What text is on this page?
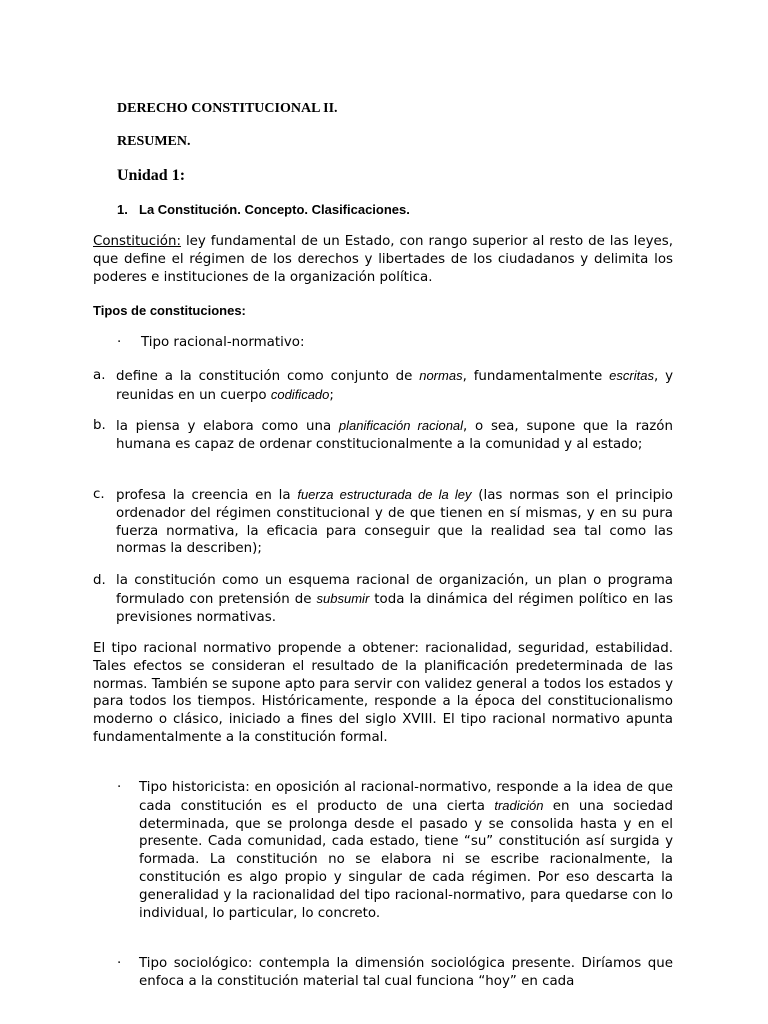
DERECHO CONSTITUCIONAL II.
RESUMEN.
Unidad 1:
1. La Constitución. Concepto. Clasificaciones.
Constitución: ley fundamental de un Estado, con rango superior al resto de las leyes, que define el régimen de los derechos y libertades de los ciudadanos y delimita los poderes e instituciones de la organización política.
Tipos de constituciones:
·	Tipo racional-normativo:
a. define a la constitución como conjunto de normas, fundamentalmente escritas, y reunidas en un cuerpo codificado;
b. la piensa y elabora como una planificación racional, o sea, supone que la razón humana es capaz de ordenar constitucionalmente a la comunidad y al estado;
c. profesa la creencia en la fuerza estructurada de la ley (las normas son el principio ordenador del régimen constitucional y de que tienen en sí mismas, y en su pura fuerza normativa, la eficacia para conseguir que la realidad sea tal como las normas la describen);
d. la constitución como un esquema racional de organización, un plan o programa formulado con pretensión de subsumir toda la dinámica del régimen político en las previsiones normativas.
El tipo racional normativo propende a obtener: racionalidad, seguridad, estabilidad. Tales efectos se consideran el resultado de la planificación predeterminada de las normas. También se supone apto para servir con validez general a todos los estados y para todos los tiempos. Históricamente, responde a la época del constitucionalismo moderno o clásico, iniciado a fines del siglo XVIII. El tipo racional normativo apunta fundamentalmente a la constitución formal.
·	Tipo historicista: en oposición al racional-normativo, responde a la idea de que cada constitución es el producto de una cierta tradición en una sociedad determinada, que se prolonga desde el pasado y se consolida hasta y en el presente. Cada comunidad, cada estado, tiene “su” constitución así surgida y formada. La constitución no se elabora ni se escribe racionalmente, la constitución es algo propio y singular de cada régimen. Por eso descarta la generalidad y la racionalidad del tipo racional-normativo, para quedarse con lo individual, lo particular, lo concreto.
·	Tipo sociológico: contempla la dimensión sociológica presente. Diríamos que enfoca a la constitución material tal cual funciona “hoy” en cada
